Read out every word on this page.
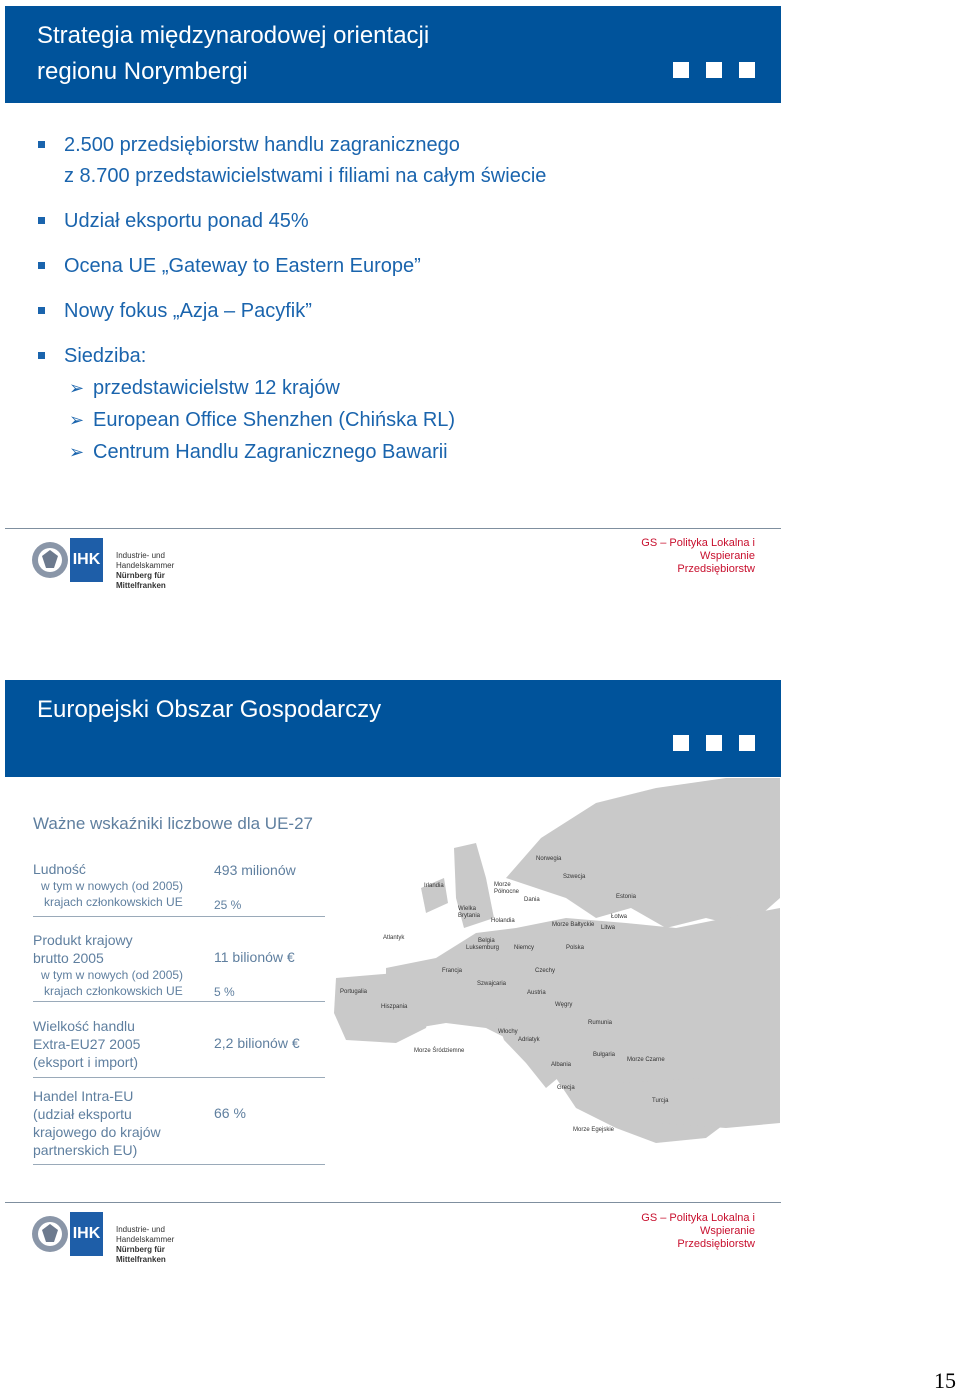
Strategia międzynarodowej orientacji
regionu Norymbergi
2.500 przedsiębiorstw handlu zagranicznego
z 8.700 przedstawicielstwami i filiami na całym świecie
Udział eksportu ponad 45%
Ocena UE „Gateway to Eastern Europe”
Nowy fokus „Azja – Pacyfik”
Siedziba:
➢ przedstawicielstw 12 krajów
➢ European Office Shenzhen (Chińska RL)
➢ Centrum Handlu Zagranicznego Bawarii
IHK	Industrie- und Handelskammer
Nürnberg für Mittelfranken
GS – Polityka Lokalna i
Wspieranie
Przedsiębiorstw
Europejski Obszar Gospodarczy
Ważne wskaźniki liczbowe dla UE-27
Ludność	493 milionów
w tym w nowych (od 2005)
krajach członkowskich UE	25 %
Produkt krajowy
brutto 2005	11 bilionów €
w tym w nowych (od 2005)
krajach członkowskich UE	5 %
Wielkość handlu
Extra-EU27 2005
(eksport i import)
2,2 bilionów €
Handel Intra-EU
(udział eksportu
krajowego do krajów
partnerskich EU)
66 %
Norwegia
Szwecja
Irlandia	Morze
Północne
Dania	Estonia
Wielka
Brytania
Holandia
Morze Bałtyckie Litwa
Łotwa
Atlantyk	Belgia
Luksemburg Niemcy	Polska
Francja	Czechy
Szwajcaria
Austria
Portugalia
Hiszpania	Węgry
Rumunia
Włochy
Adriatyk
Morze Śródziemne
Bułgaria
Morze Czarne
Albania
Grecja
Turcja
Morze Egejskie
IHK	Industrie- und Handelskammer
Nürnberg für Mittelfranken
GS – Polityka Lokalna i
Wspieranie
Przedsiębiorstw
15
